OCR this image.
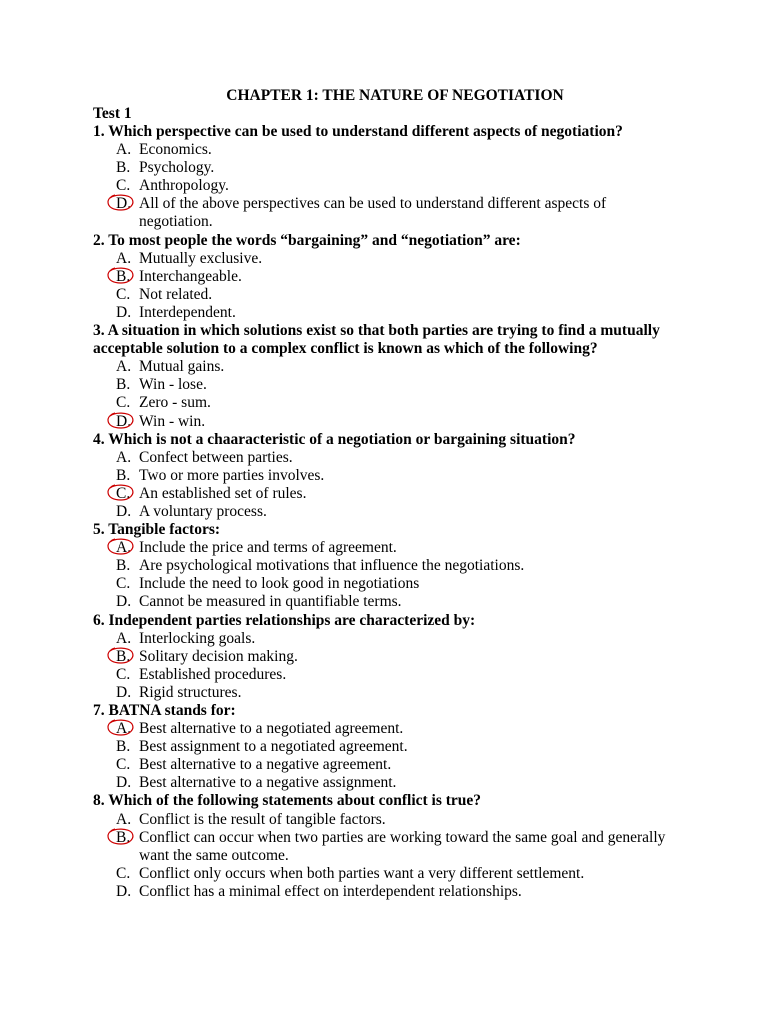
CHAPTER 1: THE NATURE OF NEGOTIATION
Test 1
1. Which perspective can be used to understand different aspects of negotiation?
A. Economics.
B. Psychology.
C. Anthropology.
D. All of the above perspectives can be used to understand different aspects of negotiation.
2. To most people the words “bargaining” and “negotiation” are:
A. Mutually exclusive.
B. Interchangeable.
C. Not related.
D. Interdependent.
3. A situation in which solutions exist so that both parties are trying to find a mutually acceptable solution to a complex conflict is known as which of the following?
A. Mutual gains.
B. Win - lose.
C. Zero - sum.
D. Win - win.
4. Which is not a chaaracteristic of a negotiation or bargaining situation?
A. Confect between parties.
B. Two or more parties involves.
C. An established set of rules.
D. A voluntary process.
5. Tangible factors:
A. Include the price and terms of agreement.
B. Are psychological motivations that influence the negotiations.
C. Include the need to look good in negotiations
D. Cannot be measured in quantifiable terms.
6. Independent parties relationships are characterized by:
A. Interlocking goals.
B. Solitary decision making.
C. Established procedures.
D. Rigid structures.
7. BATNA stands for:
A. Best alternative to a negotiated agreement.
B. Best assignment to a negotiated agreement.
C. Best alternative to a negative agreement.
D. Best alternative to a negative assignment.
8. Which of the following statements about conflict is true?
A. Conflict is the result of tangible factors.
B. Conflict can occur when two parties are working toward the same goal and generally want the same outcome.
C. Conflict only occurs when both parties want a very different settlement.
D. Conflict has a minimal effect on interdependent relationships.
